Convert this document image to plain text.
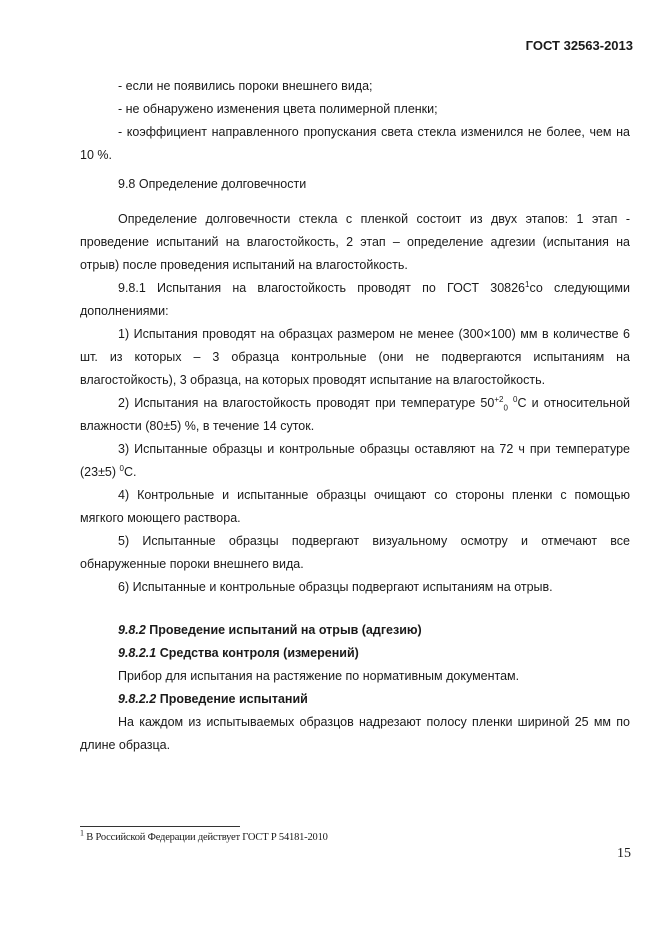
ГОСТ 32563-2013

- если не появились пороки внешнего вида;

- не обнаружено изменения цвета полимерной пленки;

- коэффициент направленного пропускания света стекла изменился не более, чем на 10 %.

9.8 Определение долговечности

Определение долговечности стекла с пленкой состоит из двух этапов: 1 этап - проведение испытаний на влагостойкость, 2 этап – определение адгезии (испытания на отрыв) после проведения испытаний на влагостойкость.

9.8.1 Испытания на влагостойкость проводят по ГОСТ 30826$^1$со следующими дополнениями:

1) Испытания проводят на образцах размером не менее (300×100) мм в количестве 6 шт. из которых – 3 образца контрольные (они не подвергаются испытаниям на влагостойкость), 3 образца, на которых проводят испытание на влагостойкость.

2) Испытания на влагостойкость проводят при температуре $50^{+2}_0$ $^0$С и относительной влажности (80±5) %, в течение 14 суток.

3) Испытанные образцы и контрольные образцы оставляют на 72 ч при температуре (23±5) $^0$С.

4) Контрольные и испытанные образцы очищают со стороны пленки с помощью мягкого моющего раствора.

5) Испытанные образцы подвергают визуальному осмотру и отмечают все обнаруженные пороки внешнего вида.

6) Испытанные и контрольные образцы подвергают испытаниям на отрыв.

9.8.2 Проведение испытаний на отрыв (адгезию)

9.8.2.1 Средства контроля (измерений)

Прибор для испытания на растяжение по нормативным документам.

9.8.2.2 Проведение испытаний

На каждом из испытываемых образцов надрезают полосу пленки шириной 25 мм по длине образца.

$^1$ В Российской Федерации действует ГОСТ Р 54181-2010
15
